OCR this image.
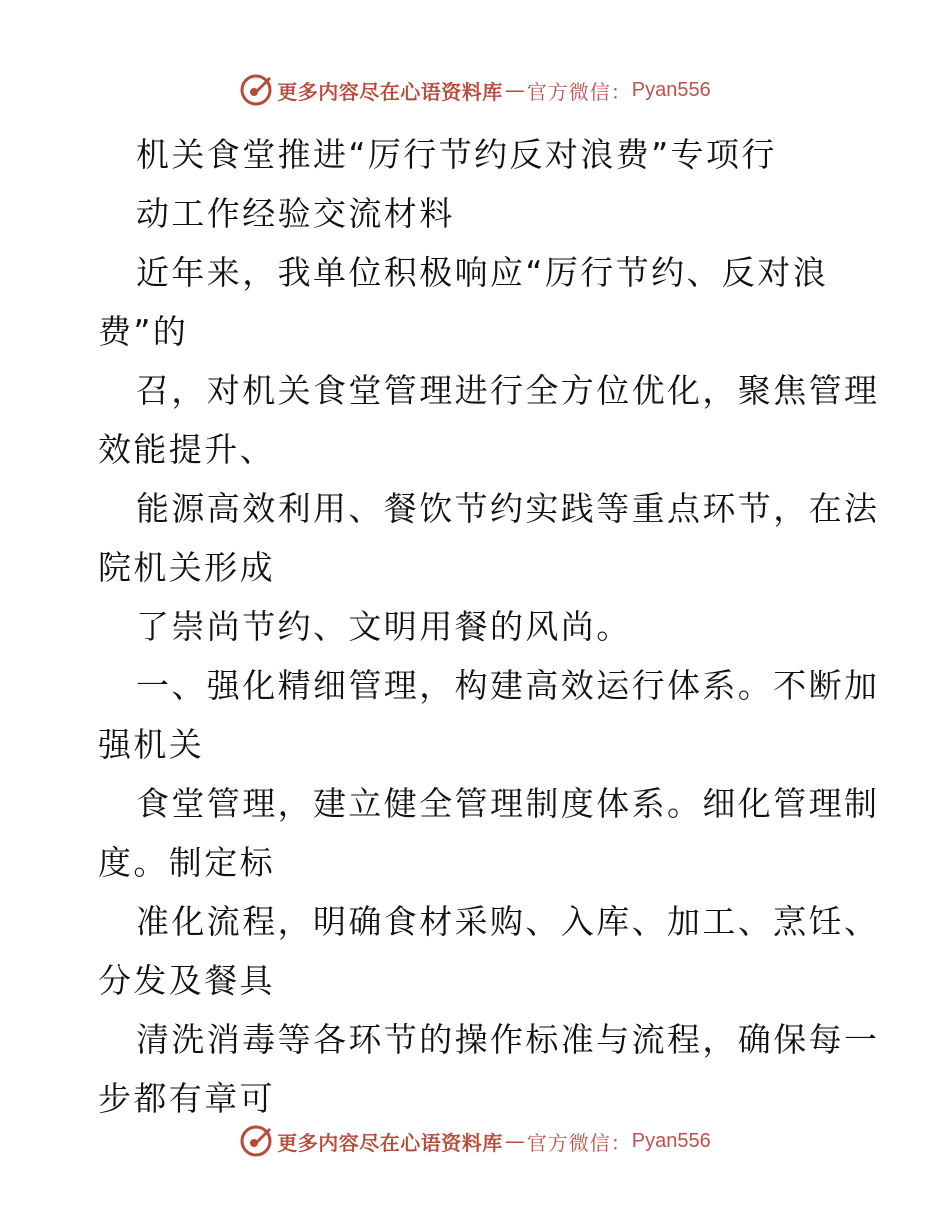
更多内容尽在心语资料库 — 官方微信： Pyan556
机关食堂推进“厉行节约反对浪费”专项行
动工作经验交流材料
近年来，我单位积极响应“厉行节约、反对浪
费”的
召，对机关食堂管理进行全方位优化，聚焦管理
效能提升、
能源高效利用、餐饮节约实践等重点环节，在法
院机关形成
了崇尚节约、文明用餐的风尚。
一、强化精细管理，构建高效运行体系。不断加
强机关
食堂管理，建立健全管理制度体系。细化管理制
度。制定标
准化流程，明确食材采购、入库、加工、烹饪、
分发及餐具
清洗消毒等各环节的操作标准与流程，确保每一
步都有章可
更多内容尽在心语资料库 — 官方微信： Pyan556
